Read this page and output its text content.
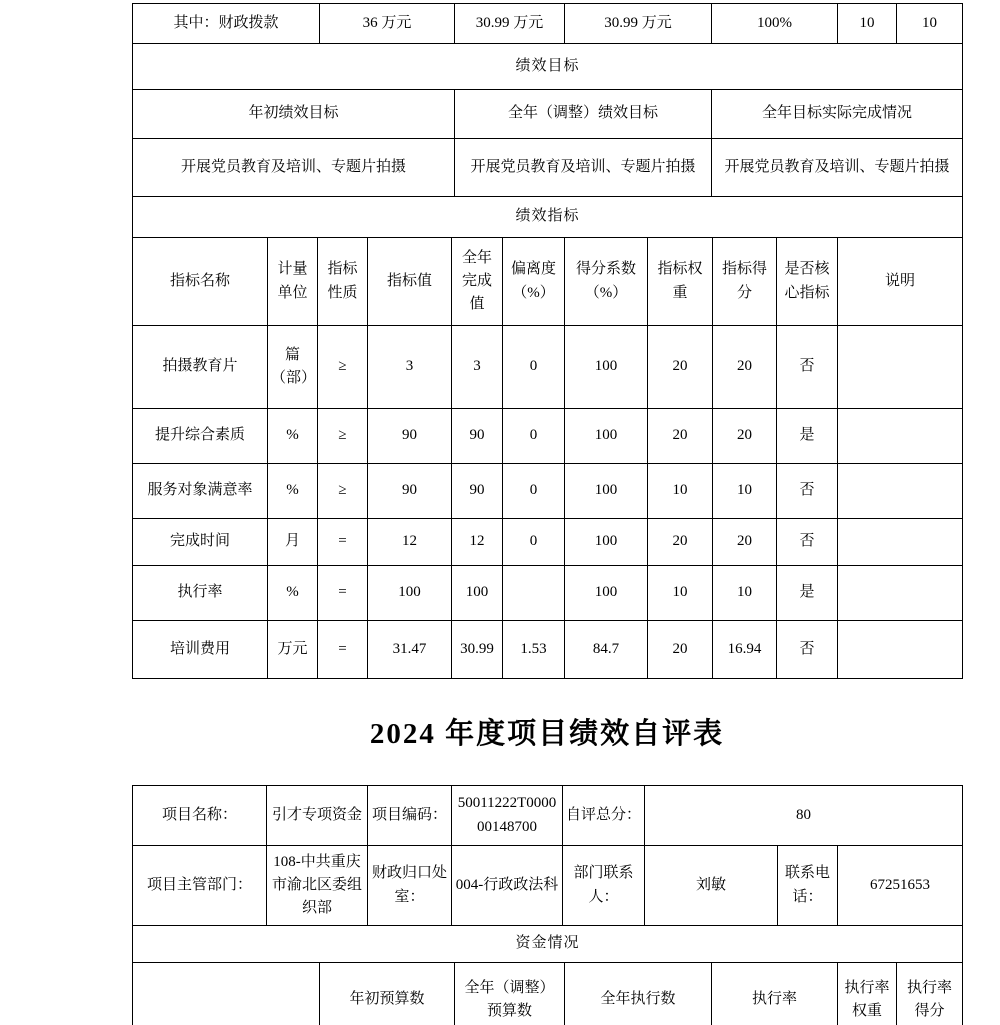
其中：财政拨款	36 万元	30.99 万元	30.99 万元	100%	10	10
绩效目标		
年初绩效目标	全年（调整）绩效目标	全年目标实际完成情况
开展党员教育及培训、专题片拍摄	开展党员教育及培训、专题片拍摄	开展党员教育及培训、专题片拍摄
绩效指标										
指标名称	计量单位	指标性质	指标值	全年完成值	偏离度（%）	得分系数（%）	指标权重	指标得分	是否核心指标	说明
拍摄教育片	篇（部）	≥	3	3	0	100	20	20	否	
提升综合素质	%	≥	90	90	0	100	20	20	是	
服务对象满意率	%	≥	90	90	0	100	10	10	否	
完成时间	月	=	12	12	0	100	20	20	否	
执行率	%	=	100	100		100	10	10	是	
培训费用	万元	=	31.47	30.99	1.53	84.7	20	16.94	否	
2024 年度项目绩效自评表
项目名称：	引才专项资金	项目编码：	50011222T000000148700	自评总分：	80		
项目主管部门：	108-中共重庆市渝北区委组织部	财政归口处室：	004-行政政法科	部门联系人：	刘敏	联系电话：	67251653
资金情况							
	年初预算数	全年（调整）预算数	全年执行数	执行率	执行率权重	执行率得分
